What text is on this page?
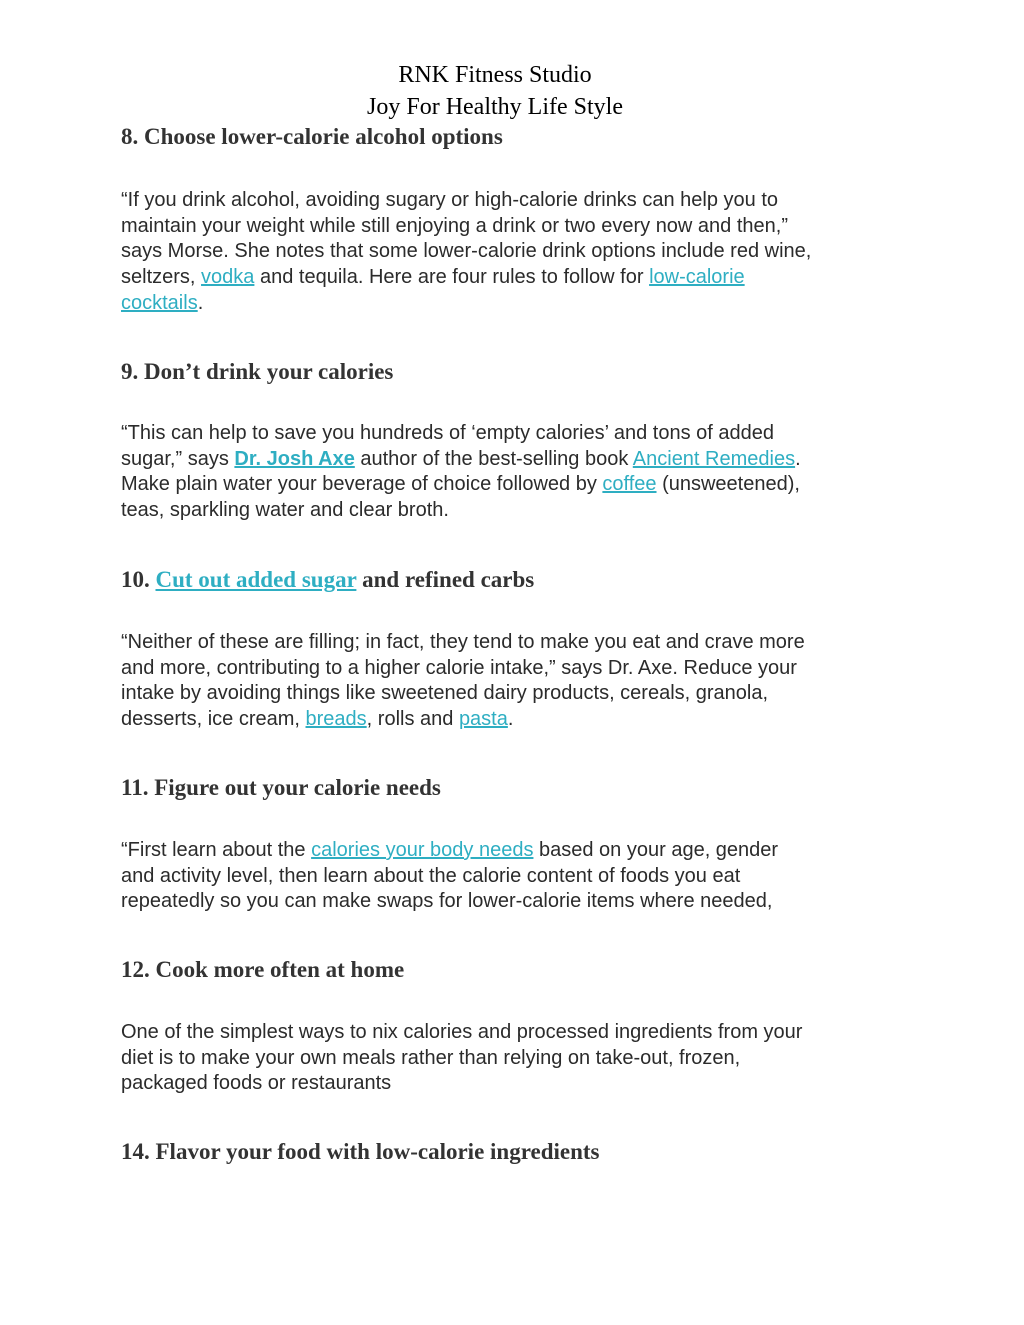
RNK Fitness Studio
Joy For Healthy Life Style
8. Choose lower-calorie alcohol options
“If you drink alcohol, avoiding sugary or high-calorie drinks can help you to
maintain your weight while still enjoying a drink or two every now and then,”
says Morse. She notes that some lower-calorie drink options include red wine,
seltzers, vodka and tequila. Here are four rules to follow for low-calorie
cocktails.
9. Don’t drink your calories
“This can help to save you hundreds of ‘empty calories’ and tons of added
sugar,” says Dr. Josh Axe author of the best-selling book Ancient Remedies.
Make plain water your beverage of choice followed by coffee (unsweetened),
teas, sparkling water and clear broth.
10. Cut out added sugar and refined carbs
“Neither of these are filling; in fact, they tend to make you eat and crave more
and more, contributing to a higher calorie intake,” says Dr. Axe. Reduce your
intake by avoiding things like sweetened dairy products, cereals, granola,
desserts, ice cream, breads, rolls and pasta.
11. Figure out your calorie needs
“First learn about the calories your body needs based on your age, gender
and activity level, then learn about the calorie content of foods you eat
repeatedly so you can make swaps for lower-calorie items where needed,
12. Cook more often at home
One of the simplest ways to nix calories and processed ingredients from your
diet is to make your own meals rather than relying on take-out, frozen,
packaged foods or restaurants
14. Flavor your food with low-calorie ingredients
